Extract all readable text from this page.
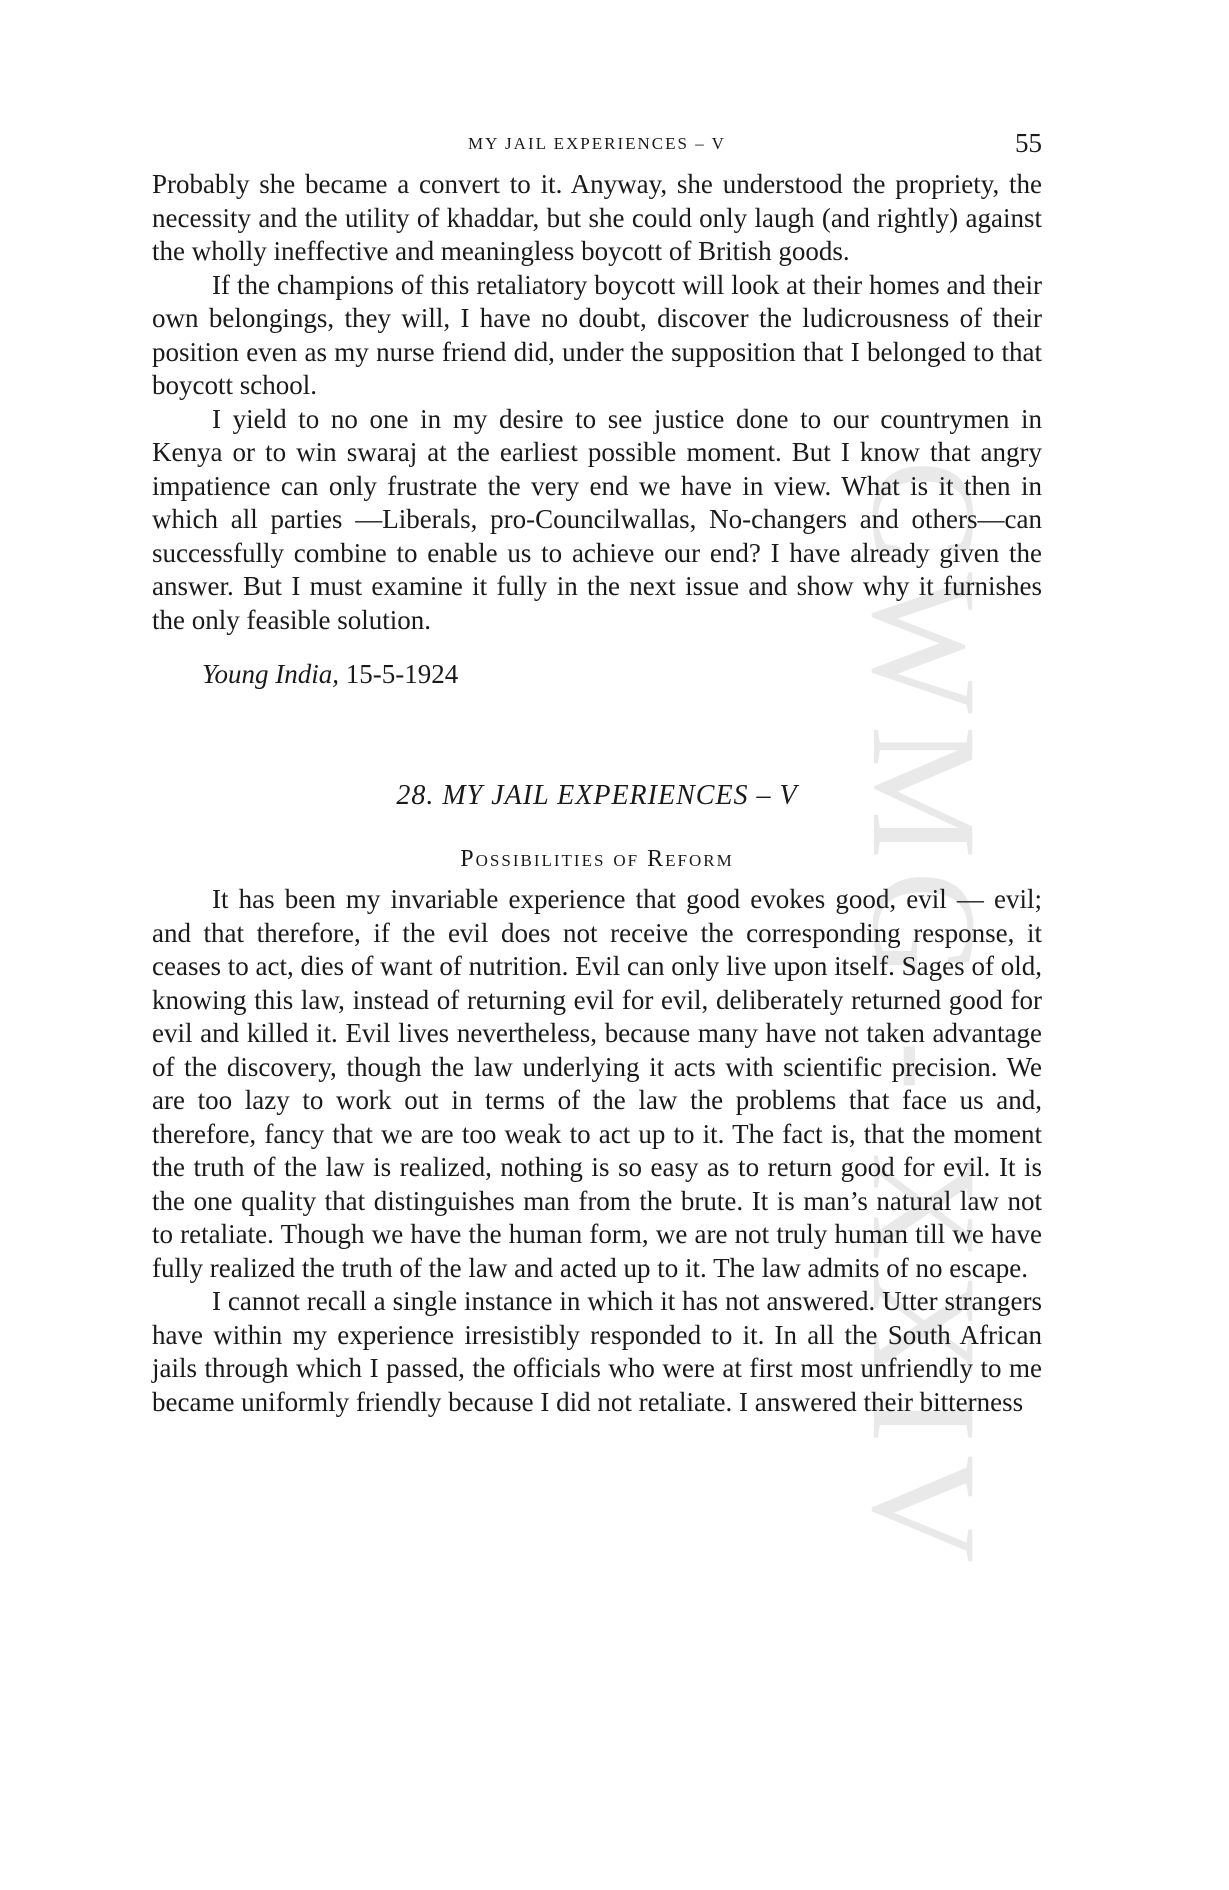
CWMG - XXIV
MY JAIL EXPERIENCES – V	55

Probably she became a convert to it. Anyway, she understood the propriety, the necessity and the utility of khaddar, but she could only laugh (and rightly) against the wholly ineffective and meaningless boycott of British goods.

If the champions of this retaliatory boycott will look at their homes and their own belongings, they will, I have no doubt, discover the ludicrousness of their position even as my nurse friend did, under the supposition that I belonged to that boycott school.

I yield to no one in my desire to see justice done to our countrymen in Kenya or to win swaraj at the earliest possible moment. But I know that angry impatience can only frustrate the very end we have in view. What is it then in which all parties —Liberals, pro-Councilwallas, No-changers and others—can successfully combine to enable us to achieve our end? I have already given the answer. But I must examine it fully in the next issue and show why it furnishes the only feasible solution.

Young India, 15-5-1924
28. MY JAIL EXPERIENCES – V
Possibilities of Reform

It has been my invariable experience that good evokes good, evil — evil; and that therefore, if the evil does not receive the corresponding response, it ceases to act, dies of want of nutrition. Evil can only live upon itself. Sages of old, knowing this law, instead of returning evil for evil, deliberately returned good for evil and killed it. Evil lives nevertheless, because many have not taken advantage of the discovery, though the law underlying it acts with scientific precision. We are too lazy to work out in terms of the law the problems that face us and, therefore, fancy that we are too weak to act up to it. The fact is, that the moment the truth of the law is realized, nothing is so easy as to return good for evil. It is the one quality that distinguishes man from the brute. It is man’s natural law not to retaliate. Though we have the human form, we are not truly human till we have fully realized the truth of the law and acted up to it. The law admits of no escape.

I cannot recall a single instance in which it has not answered. Utter strangers have within my experience irresistibly responded to it. In all the South African jails through which I passed, the officials who were at first most unfriendly to me became uniformly friendly because I did not retaliate. I answered their bitterness
